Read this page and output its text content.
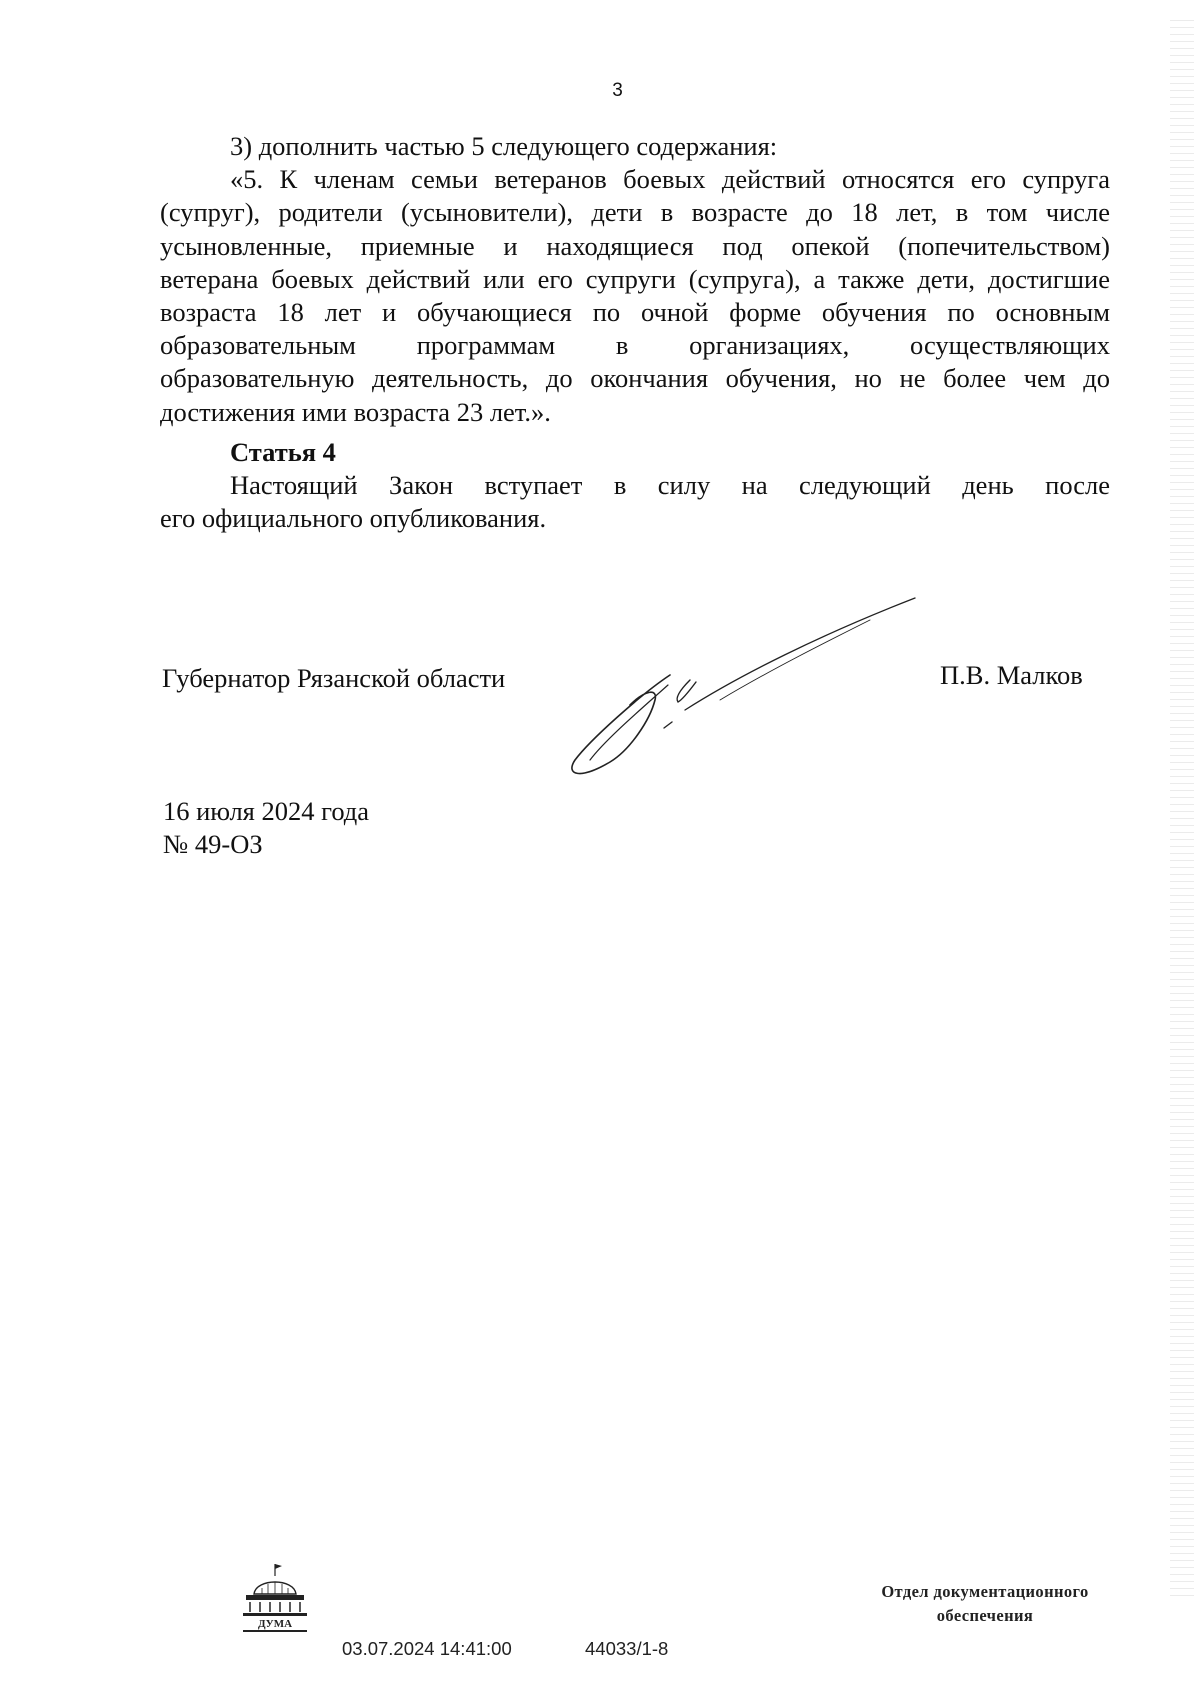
3

3) дополнить частью 5 следующего содержания:

«5. К членам семьи ветеранов боевых действий относятся его супруга
(супруг), родители (усыновители), дети в возрасте до 18 лет, в том числе
усыновленные, приемные и находящиеся под опекой (попечительством)
ветерана боевых действий или его супруги (супруга), а также дети, достигшие
возраста 18 лет и обучающиеся по очной форме обучения по основным
образовательным программам в организациях, осуществляющих
образовательную деятельность, до окончания обучения, но не более чем до
достижения ими возраста 23 лет.».

Статья 4

Настоящий Закон вступает в силу на следующий день после
его официального опубликования.
Губернатор Рязанской области	П.В. Малков
16 июля 2024 года
№ 49-ОЗ
ДУМА
03.07.2024 14:41:00	44033/1-8
Отдел документационного
обеспечения
